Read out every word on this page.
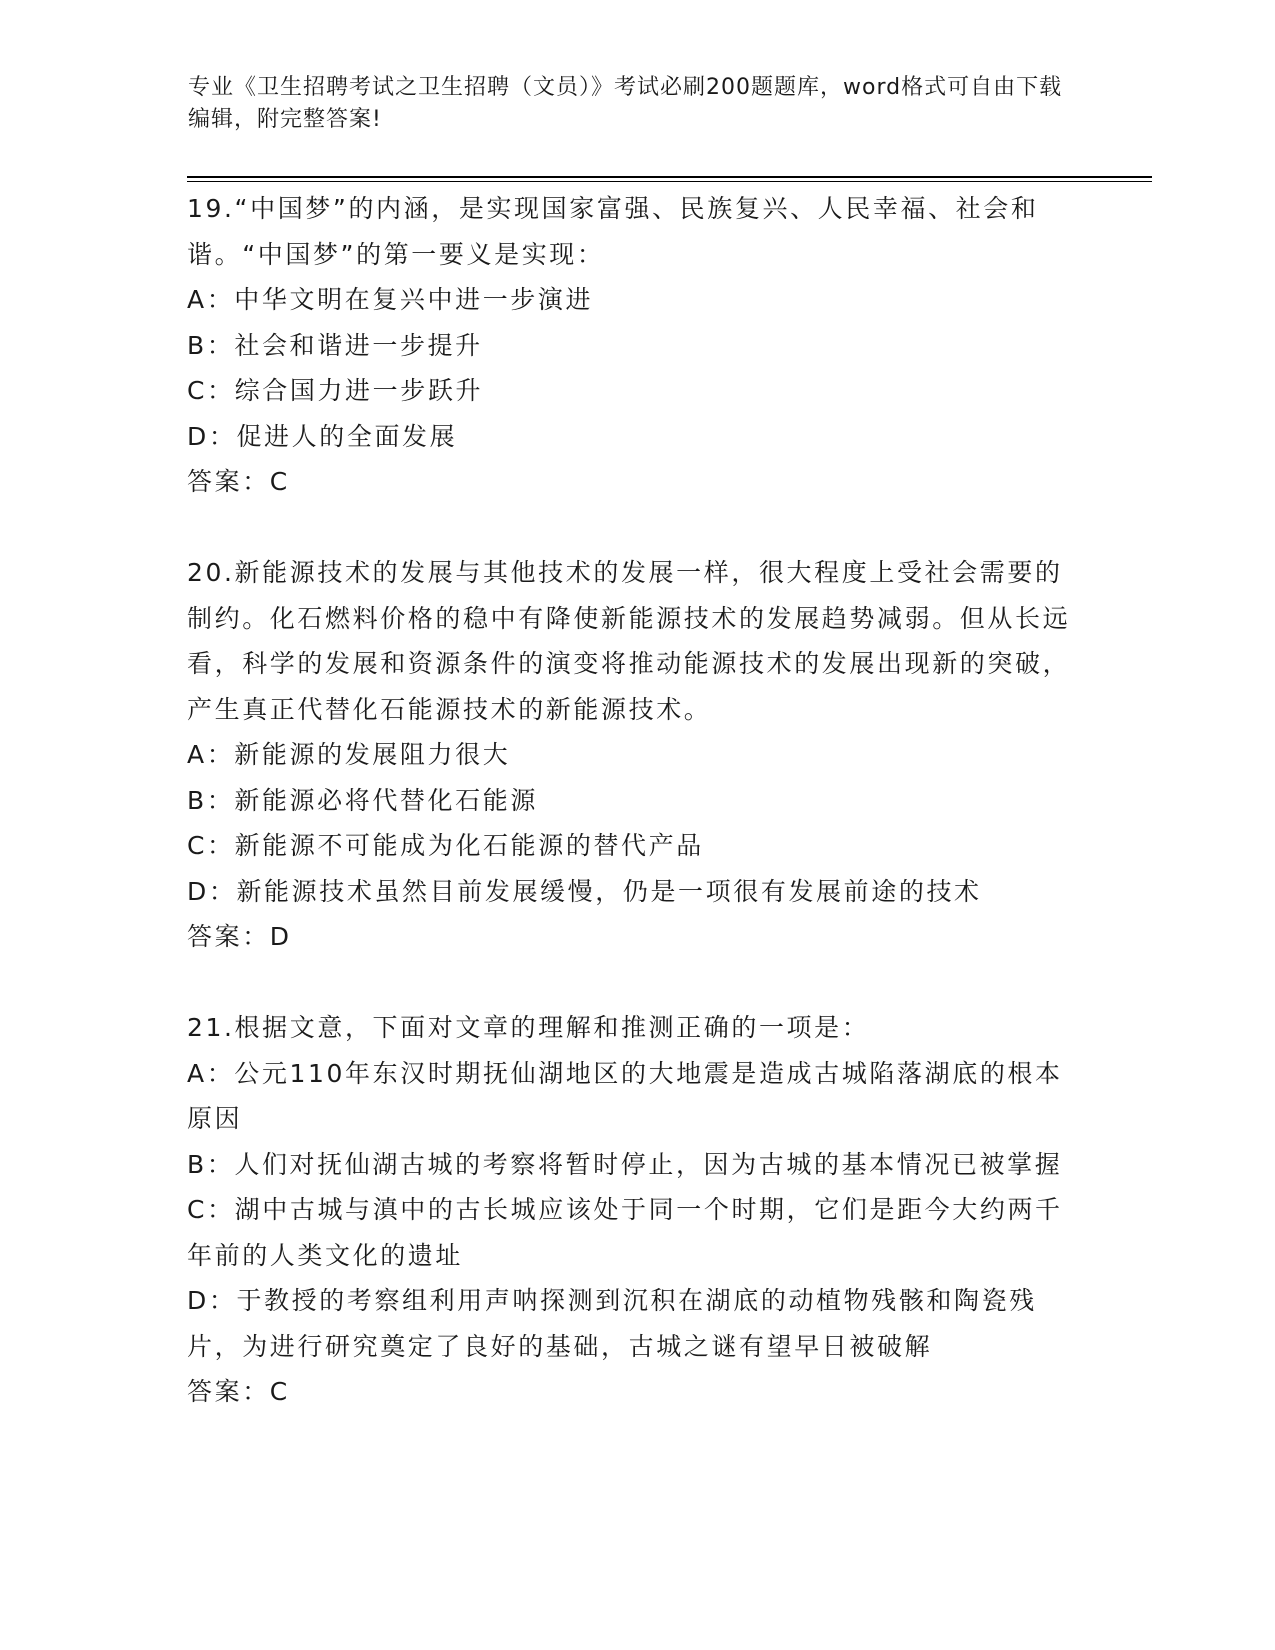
专业《卫生招聘考试之卫生招聘（文员）》考试必刷200题题库，word格式可自由下载编辑，附完整答案!

19.“中国梦”的内涵，是实现国家富强、民族复兴、人民幸福、社会和谐。“中国梦”的第一要义是实现：

A：中华文明在复兴中进一步演进

B：社会和谐进一步提升

C：综合国力进一步跃升

D：促进人的全面发展

答案：C

20.新能源技术的发展与其他技术的发展一样，很大程度上受社会需要的制约。化石燃料价格的稳中有降使新能源技术的发展趋势减弱。但从长远看，科学的发展和资源条件的演变将推动能源技术的发展出现新的突破，产生真正代替化石能源技术的新能源技术。

A：新能源的发展阻力很大

B：新能源必将代替化石能源

C：新能源不可能成为化石能源的替代产品

D：新能源技术虽然目前发展缓慢，仍是一项很有发展前途的技术

答案：D

21.根据文意，下面对文章的理解和推测正确的一项是：

A：公元110年东汉时期抚仙湖地区的大地震是造成古城陷落湖底的根本原因

B：人们对抚仙湖古城的考察将暂时停止，因为古城的基本情况已被掌握

C：湖中古城与滇中的古长城应该处于同一个时期，它们是距今大约两千年前的人类文化的遗址

D：于教授的考察组利用声呐探测到沉积在湖底的动植物残骸和陶瓷残片，为进行研究奠定了良好的基础，古城之谜有望早日被破解

答案：C
